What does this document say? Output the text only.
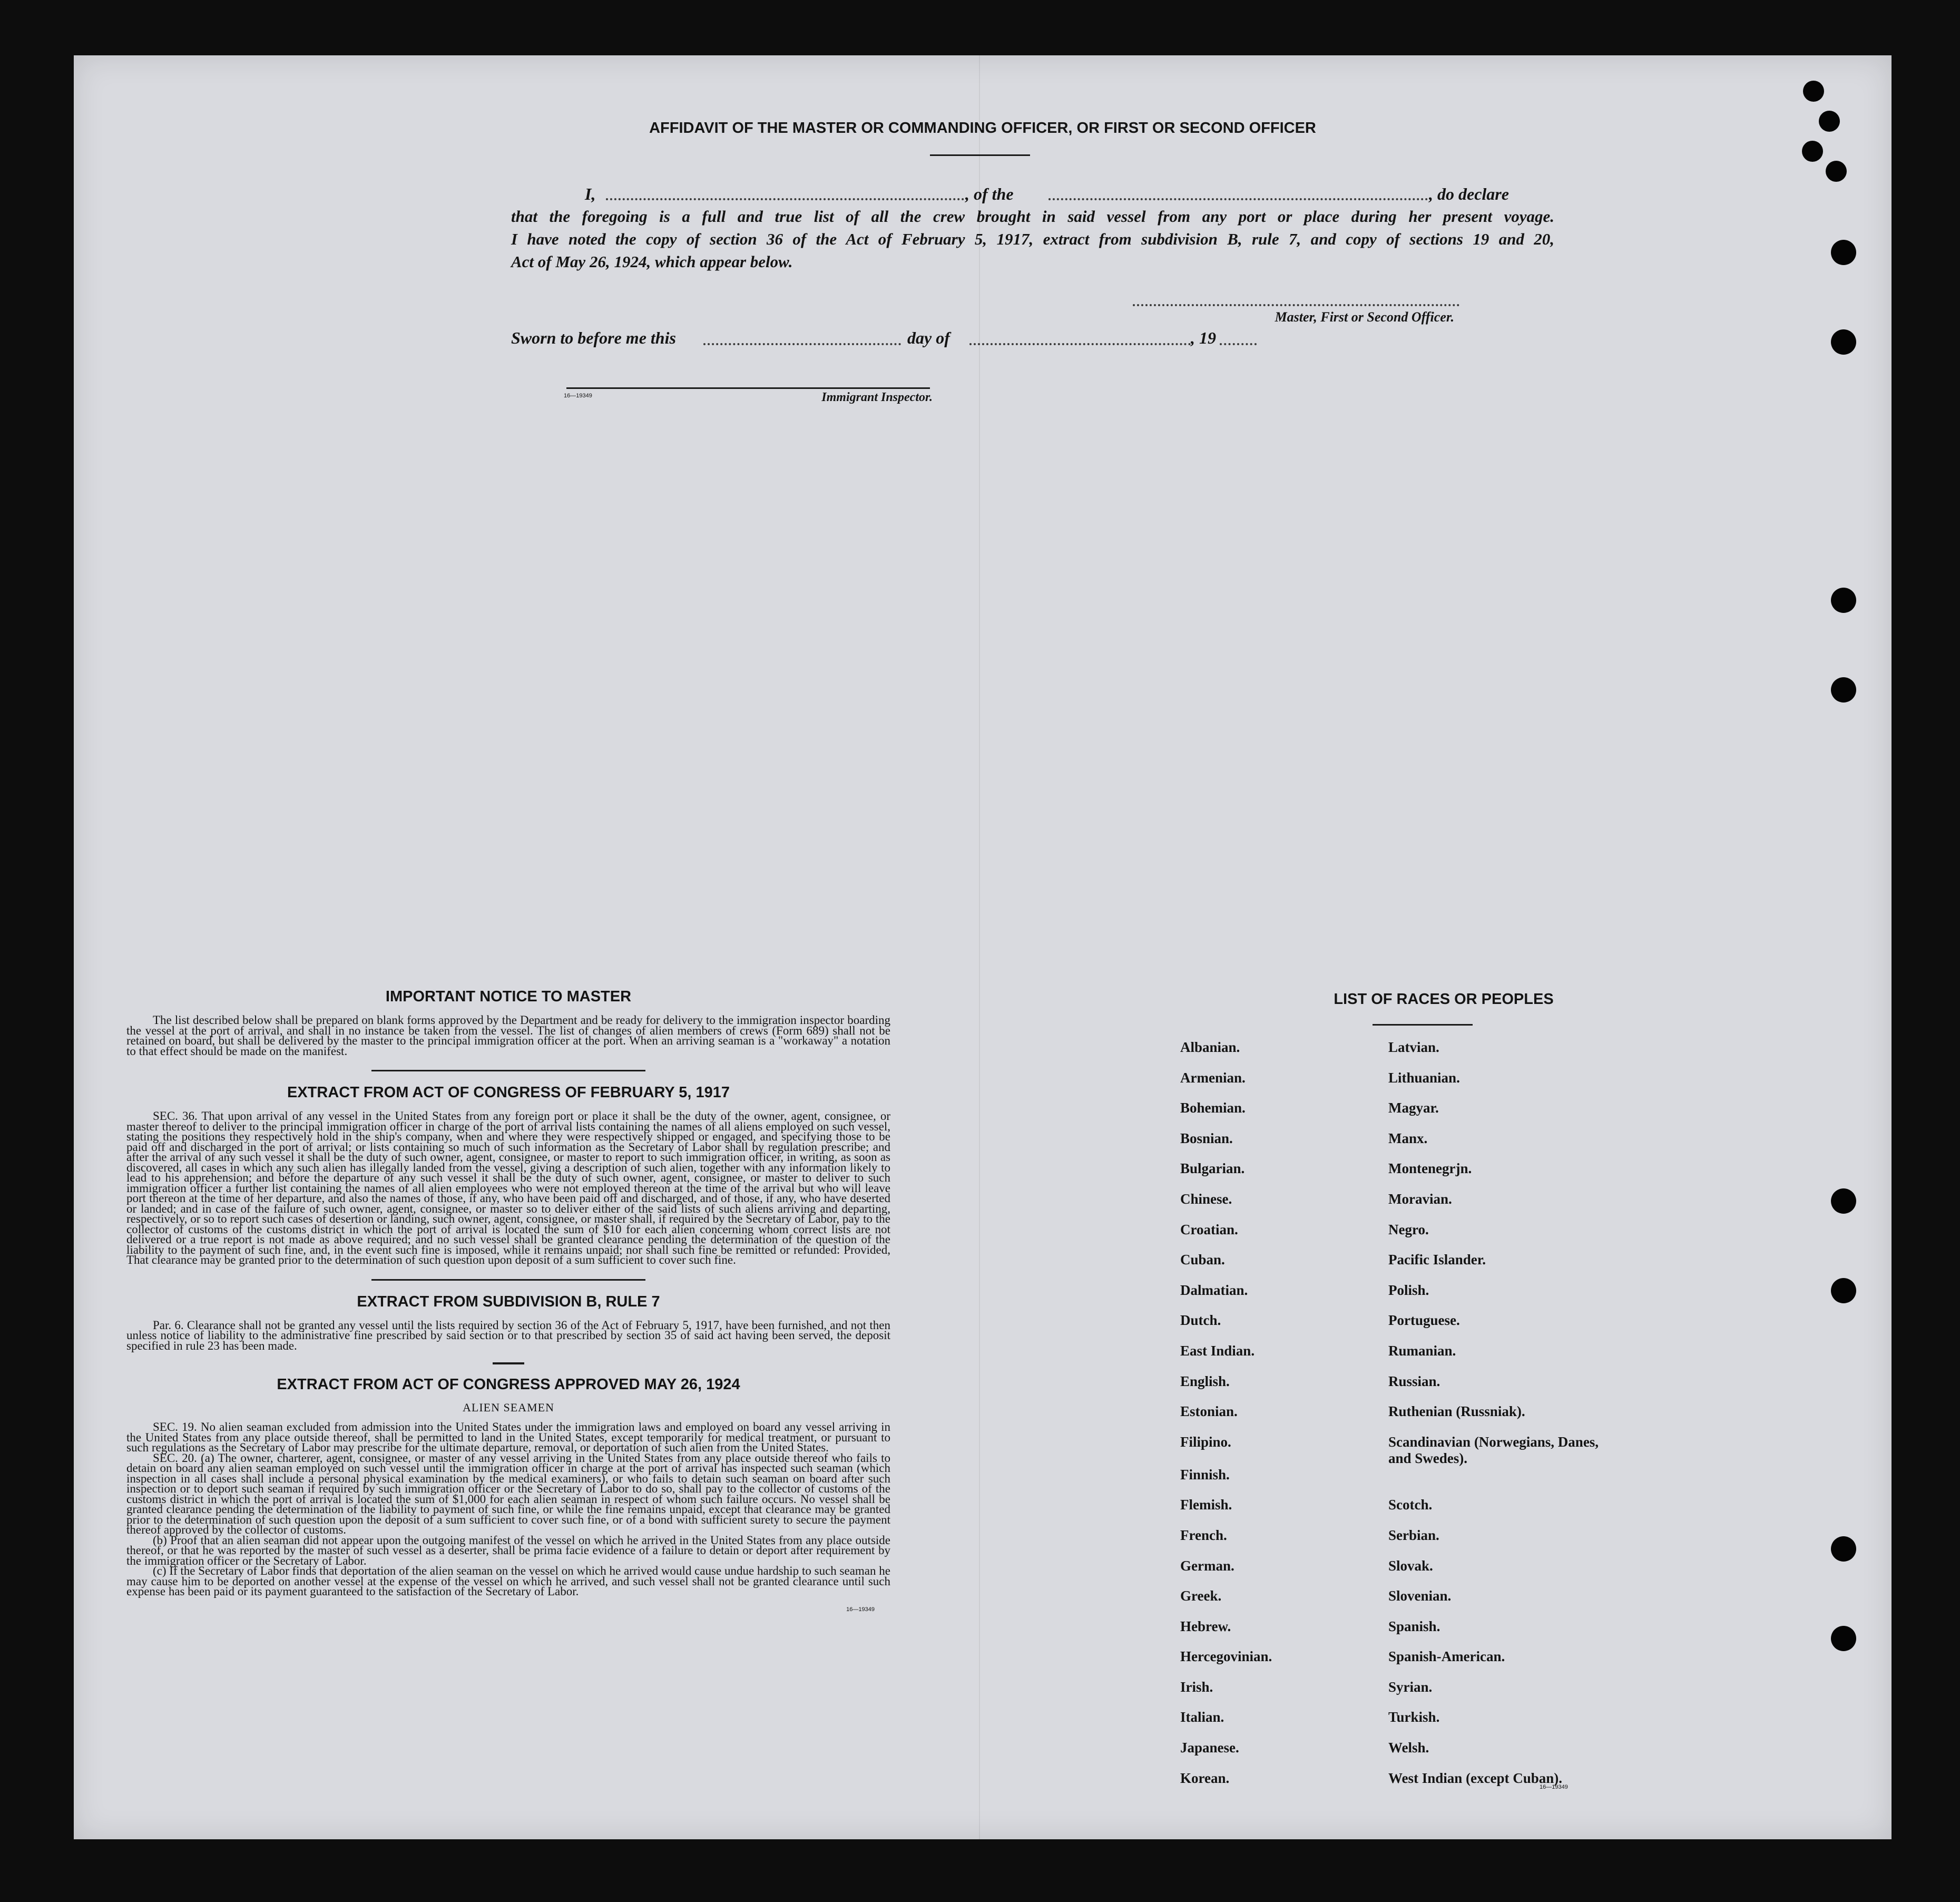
AFFIDAVIT OF THE MASTER OR COMMANDING OFFICER, OR FIRST OR SECOND OFFICER
I,	, of the	, do declare
that the foregoing is a full and true list of all the crew brought in said vessel from any port or place during her present voyage.
I have noted the copy of section 36 of the Act of February 5, 1917, extract from subdivision B, rule 7, and copy of sections 19 and 20,
Act of May 26, 1924, which appear below.
Master, First or Second Officer.
Sworn to before me this	day of	, 19
16—19349	Immigrant Inspector.
IMPORTANT NOTICE TO MASTER

The list described below shall be prepared on blank forms approved by the Department and be ready for delivery to the immigration inspector boarding the vessel at the port of arrival, and shall in no instance be taken from the vessel. The list of changes of alien members of crews (Form 689) shall not be retained on board, but shall be delivered by the master to the principal immigration officer at the port. When an arriving seaman is a "workaway" a notation to that effect should be made on the manifest.

EXTRACT FROM ACT OF CONGRESS OF FEBRUARY 5, 1917

SEC. 36. That upon arrival of any vessel in the United States from any foreign port or place it shall be the duty of the owner, agent, consignee, or master thereof to deliver to the principal immigration officer in charge of the port of arrival lists containing the names of all aliens employed on such vessel, stating the positions they respectively hold in the ship's company, when and where they were respectively shipped or engaged, and specifying those to be paid off and discharged in the port of arrival; or lists containing so much of such information as the Secretary of Labor shall by regulation prescribe; and after the arrival of any such vessel it shall be the duty of such owner, agent, consignee, or master to report to such immigration officer, in writing, as soon as discovered, all cases in which any such alien has illegally landed from the vessel, giving a description of such alien, together with any information likely to lead to his apprehension; and before the departure of any such vessel it shall be the duty of such owner, agent, consignee, or master to deliver to such immigration officer a further list containing the names of all alien employees who were not employed thereon at the time of the arrival but who will leave port thereon at the time of her departure, and also the names of those, if any, who have been paid off and discharged, and of those, if any, who have deserted or landed; and in case of the failure of such owner, agent, consignee, or master so to deliver either of the said lists of such aliens arriving and departing, respectively, or so to report such cases of desertion or landing, such owner, agent, consignee, or master shall, if required by the Secretary of Labor, pay to the collector of customs of the customs district in which the port of arrival is located the sum of $10 for each alien concerning whom correct lists are not delivered or a true report is not made as above required; and no such vessel shall be granted clearance pending the determination of the question of the liability to the payment of such fine, and, in the event such fine is imposed, while it remains unpaid; nor shall such fine be remitted or refunded: Provided, That clearance may be granted prior to the determination of such question upon deposit of a sum sufficient to cover such fine.

EXTRACT FROM SUBDIVISION B, RULE 7

Par. 6. Clearance shall not be granted any vessel until the lists required by section 36 of the Act of February 5, 1917, have been furnished, and not then unless notice of liability to the administrative fine prescribed by said section or to that prescribed by section 35 of said act having been served, the deposit specified in rule 23 has been made.

EXTRACT FROM ACT OF CONGRESS APPROVED MAY 26, 1924
ALIEN SEAMEN

SEC. 19. No alien seaman excluded from admission into the United States under the immigration laws and employed on board any vessel arriving in the United States from any place outside thereof, shall be permitted to land in the United States, except temporarily for medical treatment, or pursuant to such regulations as the Secretary of Labor may prescribe for the ultimate departure, removal, or deportation of such alien from the United States.

SEC. 20. (a) The owner, charterer, agent, consignee, or master of any vessel arriving in the United States from any place outside thereof who fails to detain on board any alien seaman employed on such vessel until the immigration officer in charge at the port of arrival has inspected such seaman (which inspection in all cases shall include a personal physical examination by the medical examiners), or who fails to detain such seaman on board after such inspection or to deport such seaman if required by such immigration officer or the Secretary of Labor to do so, shall pay to the collector of customs of the customs district in which the port of arrival is located the sum of $1,000 for each alien seaman in respect of whom such failure occurs. No vessel shall be granted clearance pending the determination of the liability to payment of such fine, or while the fine remains unpaid, except that clearance may be granted prior to the determination of such question upon the deposit of a sum sufficient to cover such fine, or of a bond with sufficient surety to secure the payment thereof approved by the collector of customs.

(b) Proof that an alien seaman did not appear upon the outgoing manifest of the vessel on which he arrived in the United States from any place outside thereof, or that he was reported by the master of such vessel as a deserter, shall be prima facie evidence of a failure to detain or deport after requirement by the immigration officer or the Secretary of Labor.

(c) If the Secretary of Labor finds that deportation of the alien seaman on the vessel on which he arrived would cause undue hardship to such seaman he may cause him to be deported on another vessel at the expense of the vessel on which he arrived, and such vessel shall not be granted clearance until such expense has been paid or its payment guaranteed to the satisfaction of the Secretary of Labor.

16—19349
LIST OF RACES OR PEOPLES
Albanian.	Latvian.
Armenian.	Lithuanian.
Bohemian.	Magyar.
Bosnian.	Manx.
Bulgarian.	Montenegrjn.
Chinese.	Moravian.
Croatian.	Negro.
Cuban.	Pacific Islander.
Dalmatian.	Polish.
Dutch.	Portuguese.
East Indian.	Rumanian.
English.	Russian.
Estonian.	Ruthenian (Russniak).
Filipino.	Scandinavian (Norwegians, Danes, and Swedes).
Finnish.	
Flemish.	Scotch.
French.	Serbian.
German.	Slovak.
Greek.	Slovenian.
Hebrew.	Spanish.
Hercegovinian.	Spanish-American.
Irish.	Syrian.
Italian.	Turkish.
Japanese.	Welsh.
Korean.	West Indian (except Cuban).
16—19349
